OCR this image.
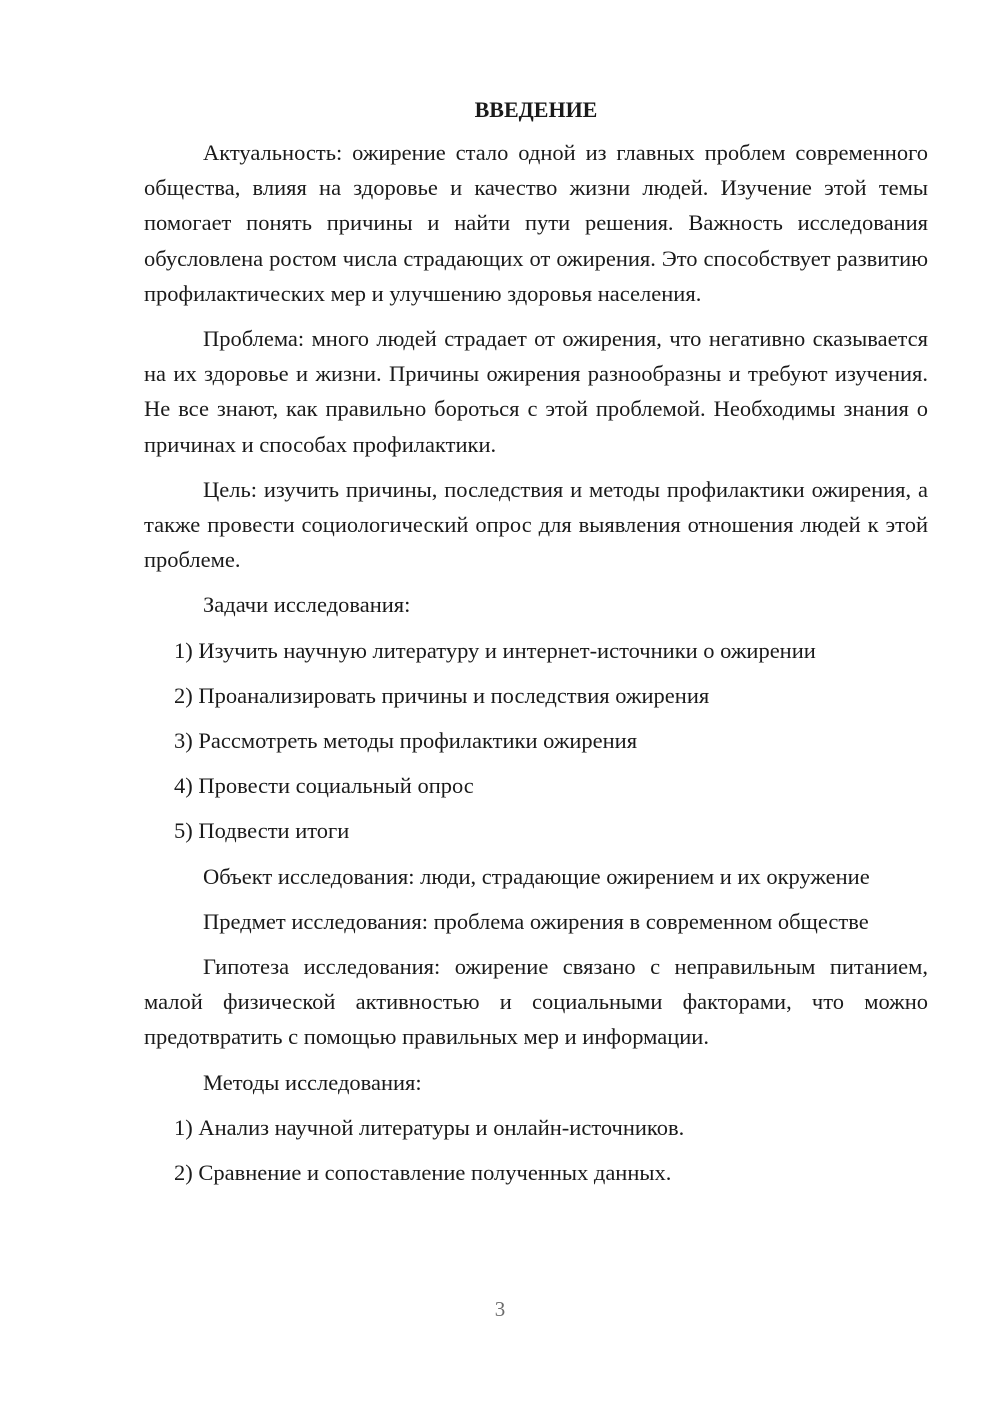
ВВЕДЕНИЕ

Актуальность: ожирение стало одной из главных проблем современного общества, влияя на здоровье и качество жизни людей. Изучение этой темы помогает понять причины и найти пути решения. Важность исследования обусловлена ростом числа страдающих от ожирения. Это способствует развитию профилактических мер и улучшению здоровья населения.

Проблема: много людей страдает от ожирения, что негативно сказывается на их здоровье и жизни. Причины ожирения разнообразны и требуют изучения. Не все знают, как правильно бороться с этой проблемой. Необходимы знания о причинах и способах профилактики.

Цель: изучить причины, последствия и методы профилактики ожирения, а также провести социологический опрос для выявления отношения людей к этой проблеме.

Задачи исследования:
1) Изучить научную литературу и интернет-источники о ожирении
2) Проанализировать причины и последствия ожирения
3) Рассмотреть методы профилактики ожирения
4) Провести социальный опрос
5) Подвести итоги

Объект исследования: люди, страдающие ожирением и их окружение

Предмет исследования: проблема ожирения в современном обществе

Гипотеза исследования: ожирение связано с неправильным питанием, малой физической активностью и социальными факторами, что можно предотвратить с помощью правильных мер и информации.

Методы исследования:
1) Анализ научной литературы и онлайн-источников.
2) Сравнение и сопоставление полученных данных.
3
